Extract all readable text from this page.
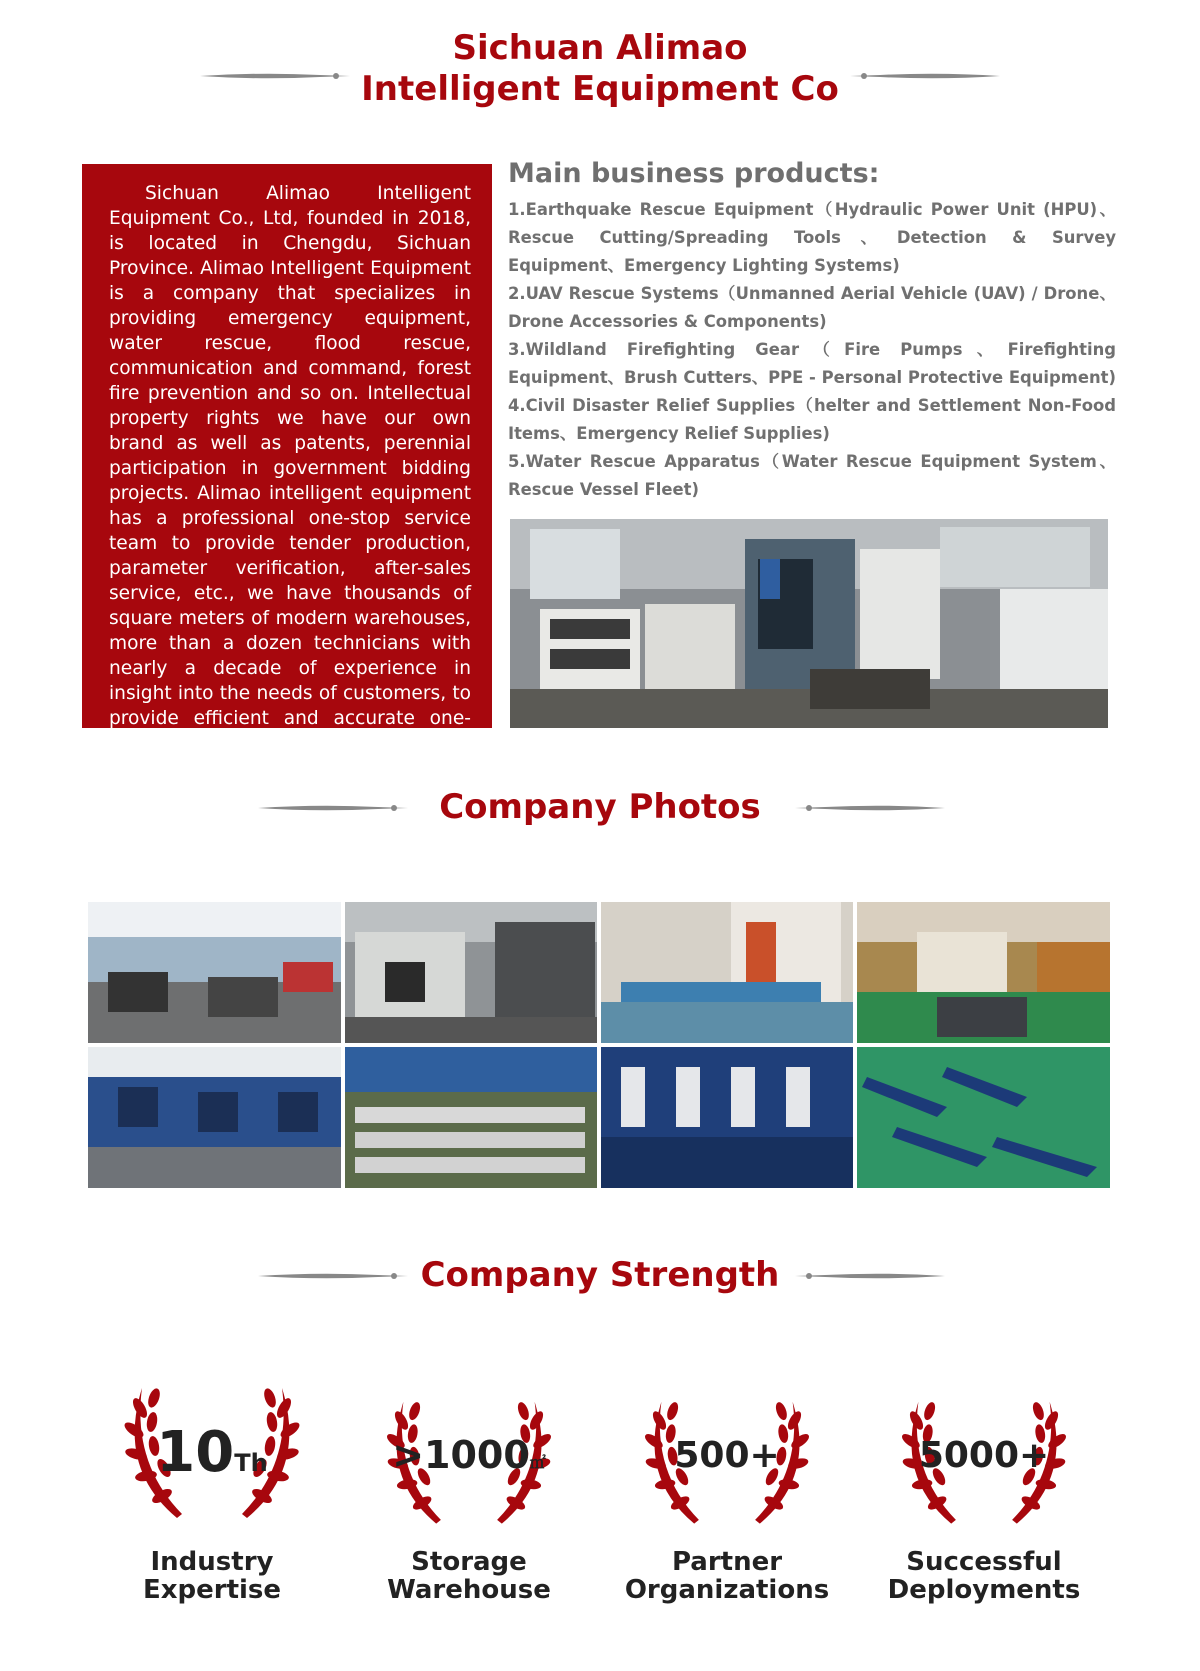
Sichuan Alimao
Intelligent Equipment Co
Sichuan Alimao Intelligent Equipment Co., Ltd, founded in 2018, is located in Chengdu, Sichuan Province. Alimao Intelligent Equipment is a company that specializes in providing emergency equipment, water rescue, flood rescue, communication and command, forest fire prevention and so on. Intellectual property rights we have our own brand as well as patents, perennial participation in government bidding projects. Alimao intelligent equipment has a professional one-stop service team to provide tender production, parameter verification, after-sales service, etc., we have thousands of square meters of modern warehouses, more than a dozen technicians with nearly a decade of experience in insight into the needs of customers, to provide efficient and accurate one-stop service
Main business products:

1.Earthquake Rescue Equipment（Hydraulic Power Unit (HPU)、Rescue Cutting/Spreading Tools、Detection & Survey Equipment、Emergency Lighting Systems)

2.UAV Rescue Systems（Unmanned Aerial Vehicle (UAV) / Drone、Drone Accessories & Components)

3.Wildland Firefighting Gear（Fire Pumps、Firefighting Equipment、Brush Cutters、PPE - Personal Protective Equipment)

4.Civil Disaster Relief Supplies（helter and Settlement Non-Food Items、Emergency Relief Supplies)

5.Water Rescue Apparatus（Water Rescue Equipment System、Rescue Vessel Fleet)

Company Photos
Company Strength
10Th
Industry
Expertise
>1000㎡
Storage
Warehouse
500+
Partner
Organizations
5000+
Successful
Deployments
